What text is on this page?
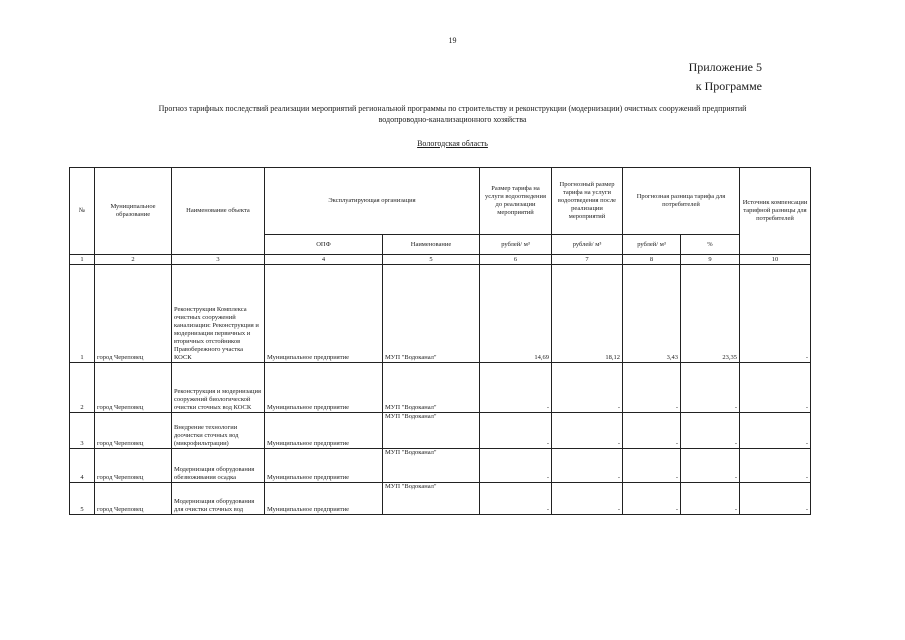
19
Приложение 5
к Программе
Прогноз тарифных последствий реализации мероприятий региональной программы по строительству и реконструкции (модернизации) очистных сооружений предприятий
водопроводно-канализационного хозяйства
Вологодская область
№	Муниципальное образование	Наименование объекта	Эксплуатирующая организация		Размер тарифа на услуги водоотведения до реализации мероприятий	Прогнозный размер тарифа на услуги водоотведения после реализации мероприятий	Прогнозная разница тарифа для потребителей		Источник компенсации тарифной разницы для потребителей
			ОПФ	Наименование	рублей/ м³	рублей/ м³	рублей/ м³	%	
1	2	3	4	5	6	7	8	9	10
1	город Череповец	Реконструкция Комплекса очистных сооружений канализации: Реконструкция и модернизация первичных и вторичных отстойников Правобережного участка КОСК	Муниципальное предприятие	МУП "Водоканал"	14,69	18,12	3,43	23,35	-
2	город Череповец	Реконструкция и модернизация сооружений биологической очистки сточных вод КОСК	Муниципальное предприятие	МУП "Водоканал"	-	-	-	-	-
3	город Череповец	Внедрение технологии доочистки сточных вод (микрофильтрации)	Муниципальное предприятие	МУП "Водоканал"	-	-	-	-	-
4	город Череповец	Модернизация оборудования обезвоживания осадка	Муниципальное предприятие	МУП "Водоканал"	-	-	-	-	-
5	город Череповец	Модернизация оборудования для очистки сточных вод	Муниципальное предприятие	МУП "Водоканал"	-	-	-	-	-
